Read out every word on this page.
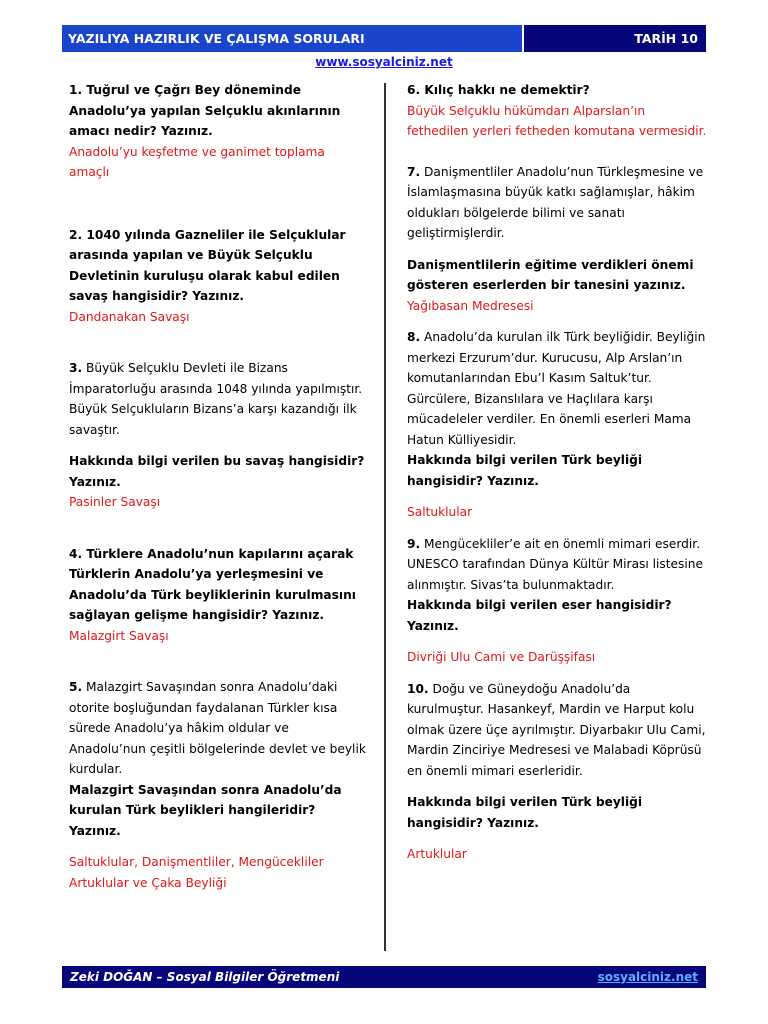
YAZILIYA HAZIRLIK VE ÇALIŞMA SORULARI	TARİH 10
www.sosyalciniz.net

1. Tuğrul ve Çağrı Bey döneminde Anadolu’ya yapılan Selçuklu akınlarının amacı nedir? Yazınız.

Anadolu’yu keşfetme ve ganimet toplama amaçlı

2. 1040 yılında Gazneliler ile Selçuklular arasında yapılan ve Büyük Selçuklu Devletinin kuruluşu olarak kabul edilen savaş hangisidir? Yazınız.

Dandanakan Savaşı

3. Büyük Selçuklu Devleti ile Bizans İmparatorluğu arasında 1048 yılında yapılmıştır. Büyük Selçukluların Bizans’a karşı kazandığı ilk savaştır.

Hakkında bilgi verilen bu savaş hangisidir? Yazınız.

Pasinler Savaşı

4. Türklere Anadolu’nun kapılarını açarak Türklerin Anadolu’ya yerleşmesini ve Anadolu’da Türk beyliklerinin kurulmasını sağlayan gelişme hangisidir? Yazınız.

Malazgirt Savaşı

5. Malazgirt Savaşından sonra Anadolu’daki otorite boşluğundan faydalanan Türkler kısa sürede Anadolu’ya hâkim oldular ve Anadolu’nun çeşitli bölgelerinde devlet ve beylik kurdular.

Malazgirt Savaşından sonra Anadolu’da kurulan Türk beylikleri hangileridir? Yazınız.

Saltuklular, Danişmentliler, Mengücekliler

Artuklular ve Çaka Beyliği

6. Kılıç hakkı ne demektir?

Büyük Selçuklu hükümdarı Alparslan’ın fethedilen yerleri fetheden komutana vermesidir.

7. Danişmentliler Anadolu’nun Türkleşmesine ve İslamlaşmasına büyük katkı sağlamışlar, hâkim oldukları bölgelerde bilimi ve sanatı geliştirmişlerdir.

Danişmentlilerin eğitime verdikleri önemi gösteren eserlerden bir tanesini yazınız.

Yağıbasan Medresesi

8. Anadolu’da kurulan ilk Türk beyliğidir. Beyliğin merkezi Erzurum’dur. Kurucusu, Alp Arslan’ın komutanlarından Ebu’l Kasım Saltuk’tur. Gürcülere, Bizanslılara ve Haçlılara karşı mücadeleler verdiler. En önemli eserleri Mama Hatun Külliyesidir.

Hakkında bilgi verilen Türk beyliği hangisidir? Yazınız.

Saltuklular

9. Mengücekliler’e ait en önemli mimari eserdir. UNESCO tarafından Dünya Kültür Mirası listesine alınmıştır. Sivas’ta bulunmaktadır.

Hakkında bilgi verilen eser hangisidir? Yazınız.

Divriği Ulu Cami ve Darüşşifası

10. Doğu ve Güneydoğu Anadolu’da kurulmuştur. Hasankeyf, Mardin ve Harput kolu olmak üzere üçe ayrılmıştır. Diyarbakır Ulu Cami, Mardin Zinciriye Medresesi ve Malabadi Köprüsü en önemli mimari eserleridir.

Hakkında bilgi verilen Türk beyliği hangisidir? Yazınız.

Artuklular

Zeki DOĞAN – Sosyal Bilgiler Öğretmeni	sosyalciniz.net
